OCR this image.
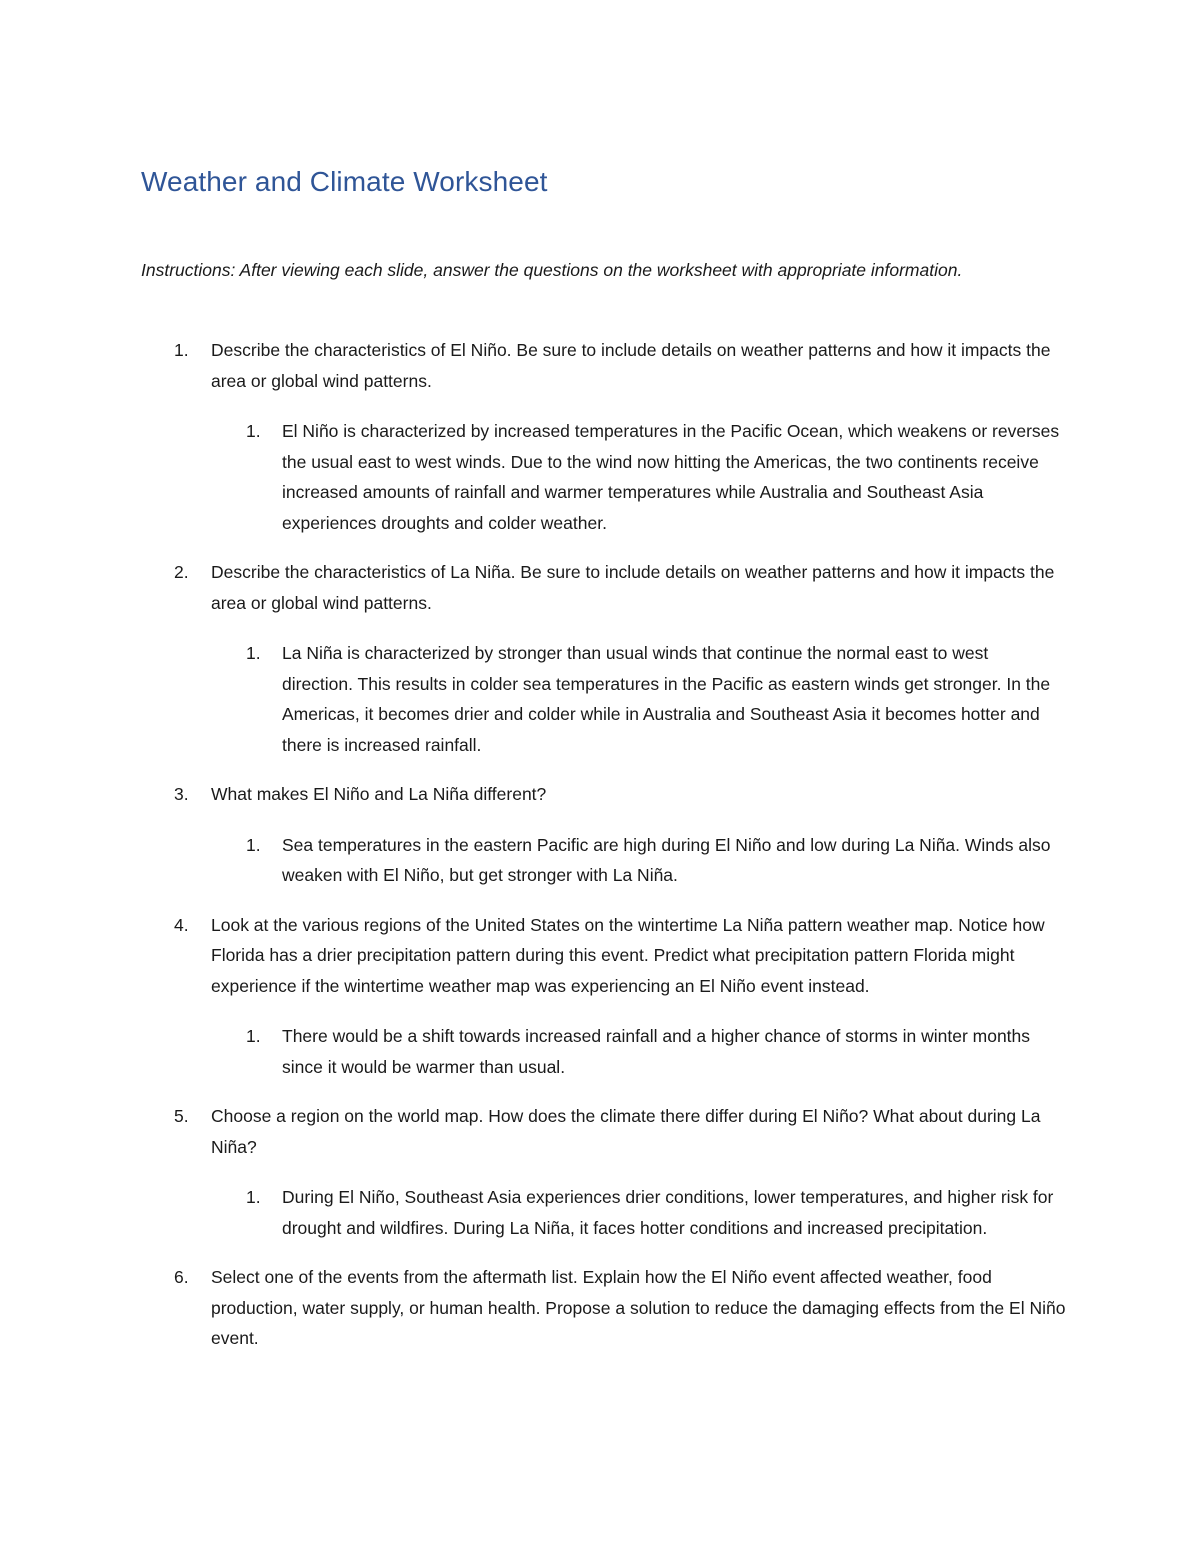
Weather and Climate Worksheet

Instructions: After viewing each slide, answer the questions on the worksheet with appropriate information.

1. Describe the characteristics of El Niño. Be sure to include details on weather patterns and how it impacts the area or global wind patterns.
1. El Niño is characterized by increased temperatures in the Pacific Ocean, which weakens or reverses the usual east to west winds. Due to the wind now hitting the Americas, the two continents receive increased amounts of rainfall and warmer temperatures while Australia and Southeast Asia experiences droughts and colder weather.
2. Describe the characteristics of La Niña. Be sure to include details on weather patterns and how it impacts the area or global wind patterns.
1. La Niña is characterized by stronger than usual winds that continue the normal east to west direction. This results in colder sea temperatures in the Pacific as eastern winds get stronger. In the Americas, it becomes drier and colder while in Australia and Southeast Asia it becomes hotter and there is increased rainfall.
3. What makes El Niño and La Niña different?
1. Sea temperatures in the eastern Pacific are high during El Niño and low during La Niña. Winds also weaken with El Niño, but get stronger with La Niña.
4. Look at the various regions of the United States on the wintertime La Niña pattern weather map. Notice how Florida has a drier precipitation pattern during this event. Predict what precipitation pattern Florida might experience if the wintertime weather map was experiencing an El Niño event instead.
1. There would be a shift towards increased rainfall and a higher chance of storms in winter months since it would be warmer than usual.
5. Choose a region on the world map. How does the climate there differ during El Niño? What about during La Niña?
1. During El Niño, Southeast Asia experiences drier conditions, lower temperatures, and higher risk for drought and wildfires. During La Niña, it faces hotter conditions and increased precipitation.
6. Select one of the events from the aftermath list. Explain how the El Niño event affected weather, food production, water supply, or human health. Propose a solution to reduce the damaging effects from the El Niño event.
